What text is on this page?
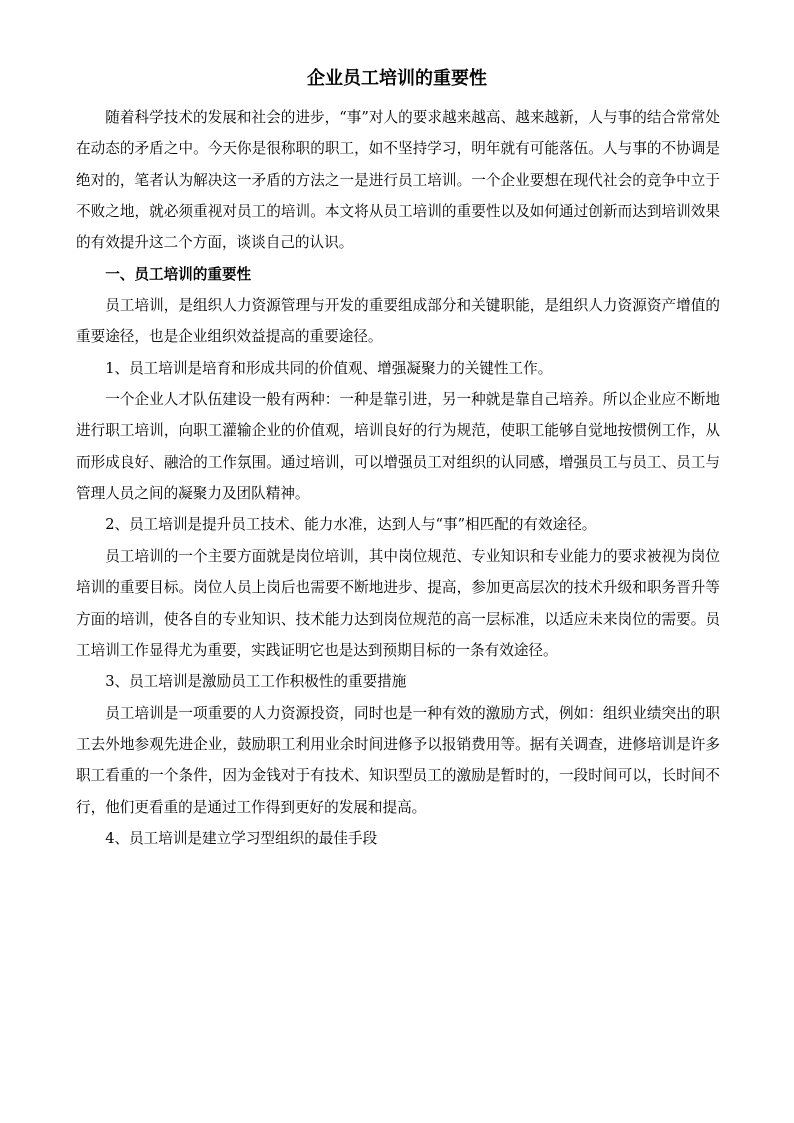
企业员工培训的重要性

随着科学技术的发展和社会的进步，“事”对人的要求越来越高、越来越新，人与事的结合常常处在动态的矛盾之中。今天你是很称职的职工，如不坚持学习，明年就有可能落伍。人与事的不协调是绝对的，笔者认为解决这一矛盾的方法之一是进行员工培训。一个企业要想在现代社会的竞争中立于不败之地，就必须重视对员工的培训。本文将从员工培训的重要性以及如何通过创新而达到培训效果的有效提升这二个方面，谈谈自己的认识。

一、员工培训的重要性

员工培训，是组织人力资源管理与开发的重要组成部分和关键职能，是组织人力资源资产增值的重要途径，也是企业组织效益提高的重要途径。

1、员工培训是培育和形成共同的价值观、增强凝聚力的关键性工作。

一个企业人才队伍建设一般有两种：一种是靠引进，另一种就是靠自己培养。所以企业应不断地进行职工培训，向职工灌输企业的价值观，培训良好的行为规范，使职工能够自觉地按惯例工作，从而形成良好、融洽的工作氛围。通过培训，可以增强员工对组织的认同感，增强员工与员工、员工与管理人员之间的凝聚力及团队精神。

2、员工培训是提升员工技术、能力水准，达到人与“事”相匹配的有效途径。

员工培训的一个主要方面就是岗位培训，其中岗位规范、专业知识和专业能力的要求被视为岗位培训的重要目标。岗位人员上岗后也需要不断地进步、提高，参加更高层次的技术升级和职务晋升等方面的培训，使各自的专业知识、技术能力达到岗位规范的高一层标准，以适应未来岗位的需要。员工培训工作显得尤为重要，实践证明它也是达到预期目标的一条有效途径。

3、员工培训是激励员工工作积极性的重要措施

员工培训是一项重要的人力资源投资，同时也是一种有效的激励方式，例如：组织业绩突出的职工去外地参观先进企业，鼓励职工利用业余时间进修予以报销费用等。据有关调查，进修培训是许多职工看重的一个条件，因为金钱对于有技术、知识型员工的激励是暂时的，一段时间可以，长时间不行，他们更看重的是通过工作得到更好的发展和提高。

4、员工培训是建立学习型组织的最佳手段
